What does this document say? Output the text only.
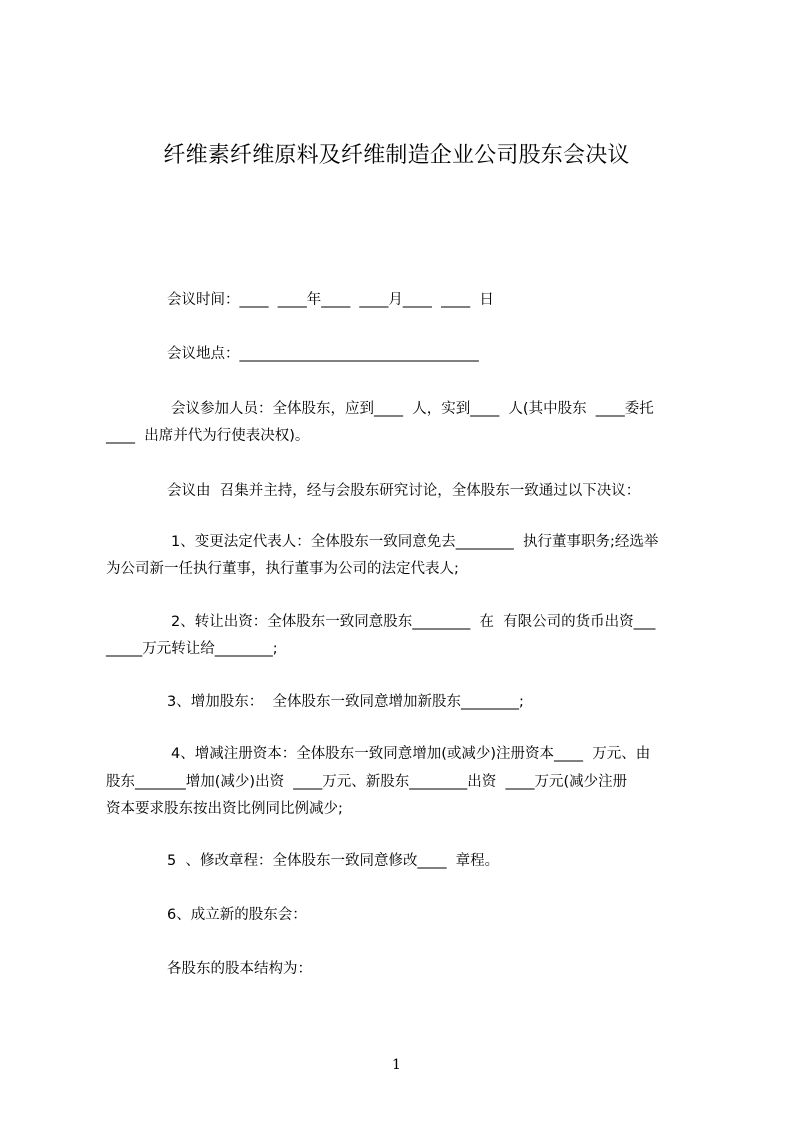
纤维素纤维原料及纤维制造企业公司股东会决议
会议时间：____  ____年____  ____月____  ____  日
会议地点：_________________________________
会议参加人员：全体股东，应到____  人，实到____  人(其中股东  ____委托
____  出席并代为行使表决权)。
会议由  召集并主持，经与会股东研究讨论，全体股东一致通过以下决议：
1、变更法定代表人：全体股东一致同意免去________  执行董事职务;经选举
为公司新一任执行董事，执行董事为公司的法定代表人;
2、转让出资：全体股东一致同意股东________  在  有限公司的货币出资___
_____万元转让给________;
3、增加股东：  全体股东一致同意增加新股东________;
4、增减注册资本：全体股东一致同意增加(或减少)注册资本____  万元、由
股东_______增加(减少)出资  ____万元、新股东________出资  ____万元(减少注册
资本要求股东按出资比例同比例减少;
5  、修改章程：全体股东一致同意修改____  章程。
6、成立新的股东会：
各股东的股本结构为：
1
